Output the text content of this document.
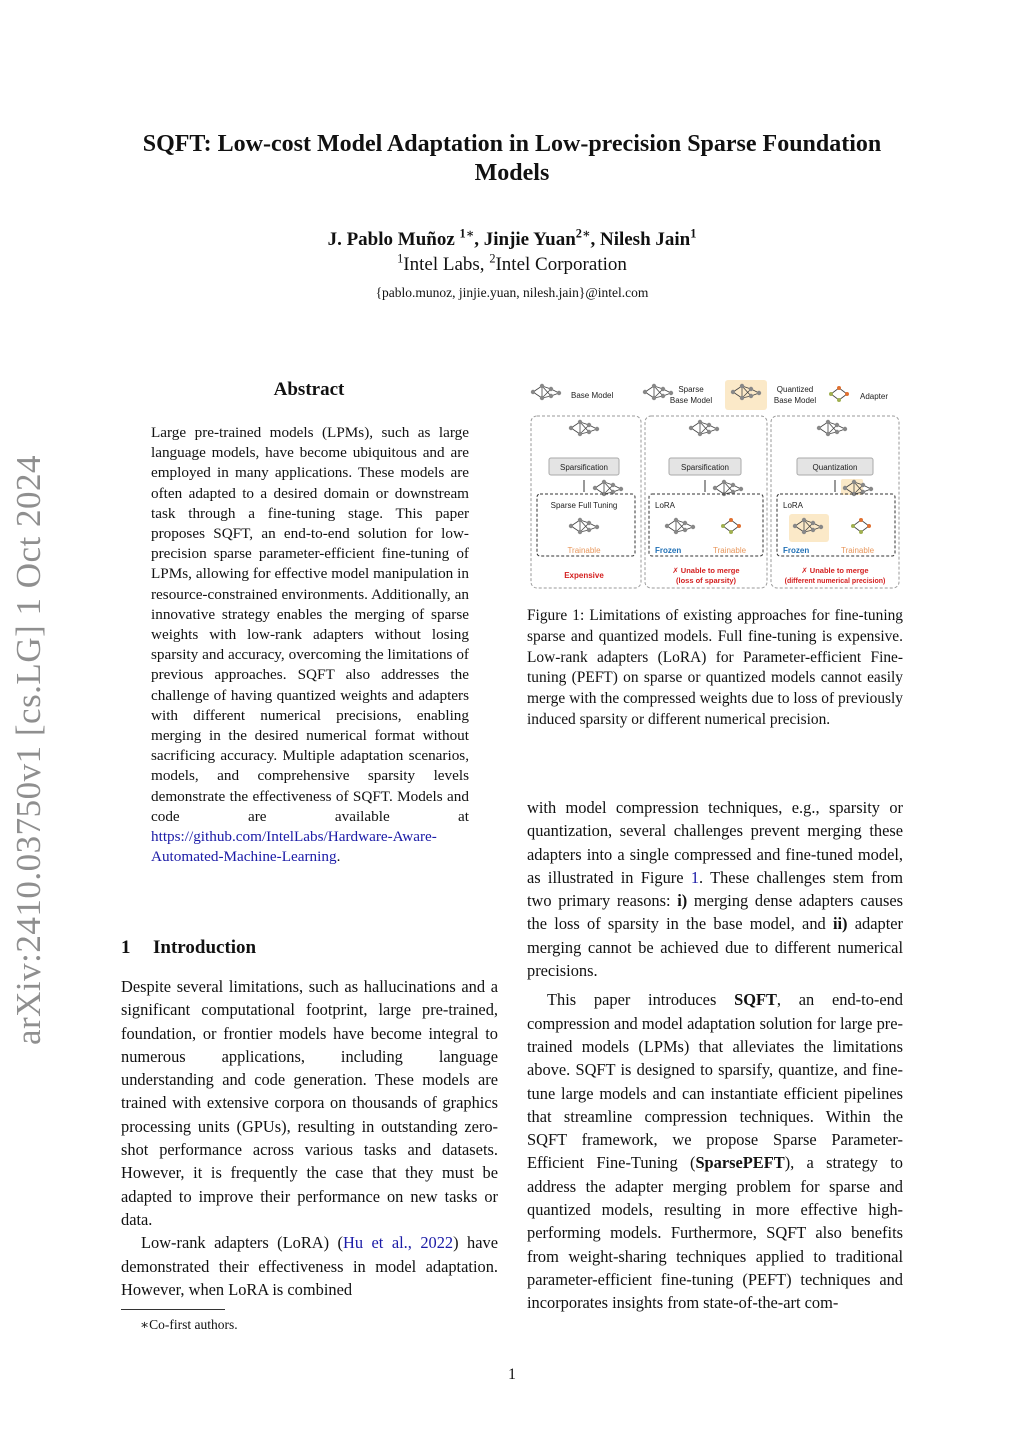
SQFT: Low-cost Model Adaptation in Low-precision Sparse Foundation Models
J. Pablo Muñoz $^{1∗}$, Jinjie Yuan$^{2∗}$, Nilesh Jain$^1$
$^1$Intel Labs, $^2$Intel Corporation
{pablo.munoz, jinjie.yuan, nilesh.jain}@intel.com
arXiv:2410.03750v1 [cs.LG] 1 Oct 2024
Abstract
Large pre-trained models (LPMs), such as large language models, have become ubiquitous and are employed in many applications. These models are often adapted to a desired domain or downstream task through a fine-tuning stage. This paper proposes SQFT, an end-to-end solution for low-precision sparse parameter-efficient fine-tuning of LPMs, allowing for effective model manipulation in resource-constrained environments. Additionally, an innovative strategy enables the merging of sparse weights with low-rank adapters without losing sparsity and accuracy, overcoming the limitations of previous approaches. SQFT also addresses the challenge of having quantized weights and adapters with different numerical precisions, enabling merging in the desired numerical format without sacrificing accuracy. Multiple adaptation scenarios, models, and comprehensive sparsity levels demonstrate the effectiveness of SQFT. Models and code are available at https://github.com/IntelLabs/Hardware-Aware-Automated-Machine-Learning.
1 Introduction

Despite several limitations, such as hallucinations and a significant computational footprint, large pre-trained, foundation, or frontier models have become integral to numerous applications, including language understanding and code generation. These models are trained with extensive corpora on thousands of graphics processing units (GPUs), resulting in outstanding zero-shot performance across various tasks and datasets. However, it is frequently the case that they must be adapted to improve their performance on new tasks or data.

Low-rank adapters (LoRA) (Hu et al., 2022) have demonstrated their effectiveness in model adaptation. However, when LoRA is combined

∗Co-first authors.
Base Model
Sparse
Base Model
Quantized
Base Model	Adapter
Sparsification
Sparse Full Tuning
Trainable
Expensive
Sparsification
LoRA
Frozen	Trainable
✗ Unable to merge
(loss of sparsity)
Quantization
LoRA
Frozen	Trainable
✗ Unable to merge
(different numerical precision)
Figure 1: Limitations of existing approaches for fine-tuning sparse and quantized models. Full fine-tuning is expensive. Low-rank adapters (LoRA) for Parameter-efficient Fine-tuning (PEFT) on sparse or quantized models cannot easily merge with the compressed weights due to loss of previously induced sparsity or different numerical precision.

with model compression techniques, e.g., sparsity or quantization, several challenges prevent merging these adapters into a single compressed and fine-tuned model, as illustrated in Figure 1. These challenges stem from two primary reasons: i) merging dense adapters causes the loss of sparsity in the base model, and ii) adapter merging cannot be achieved due to different numerical precisions.

This paper introduces SQFT, an end-to-end compression and model adaptation solution for large pre-trained models (LPMs) that alleviates the limitations above. SQFT is designed to sparsify, quantize, and fine-tune large models and can instantiate efficient pipelines that streamline compression techniques. Within the SQFT framework, we propose Sparse Parameter-Efficient Fine-Tuning (SparsePEFT), a strategy to address the adapter merging problem for sparse and quantized models, resulting in more effective high-performing models. Furthermore, SQFT also benefits from weight-sharing techniques applied to traditional parameter-efficient fine-tuning (PEFT) techniques and incorporates insights from state-of-the-art com-

1
